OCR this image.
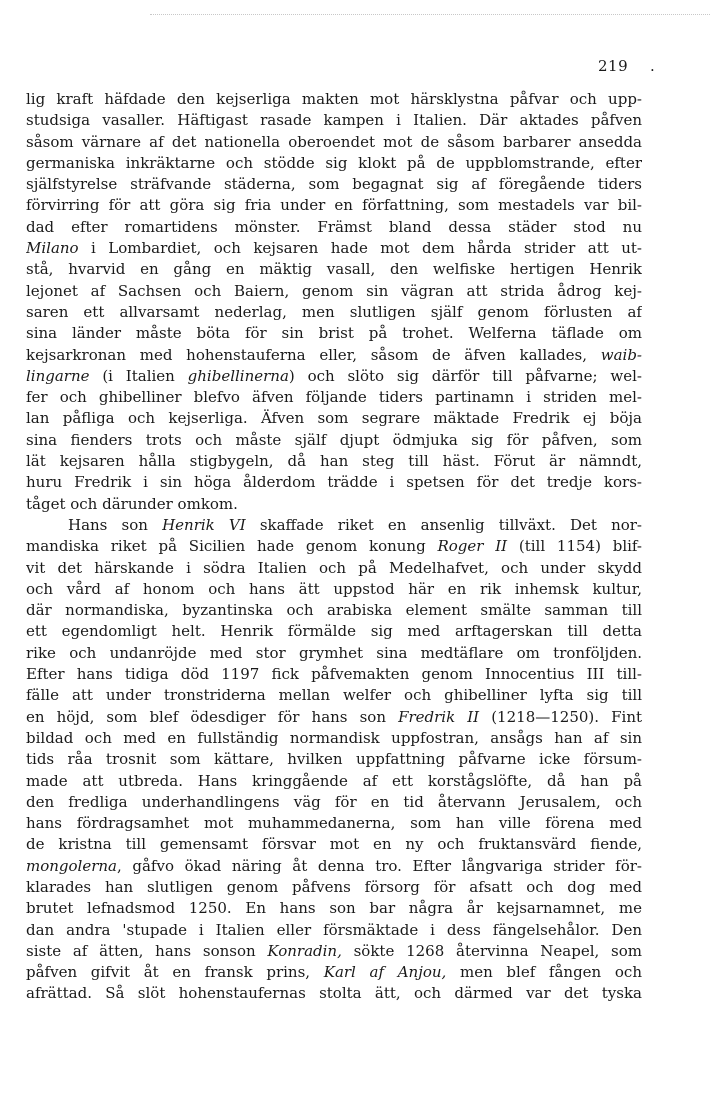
219 .
lig kraft häfdade den kejserliga makten mot härsklystna påfvar och upp-
studsiga vasaller. Häftigast rasade kampen i Italien. Där aktades påfven
såsom värnare af det nationella oberoendet mot de såsom barbarer ansedda
germaniska inkräktarne och stödde sig klokt på de uppblomstrande, efter
själfstyrelse sträfvande städerna, som begagnat sig af föregående tiders
förvirring för att göra sig fria under en författning, som mestadels var bil-
dad efter romartidens mönster. Främst bland dessa städer stod nu
Milano i Lombardiet, och kejsaren hade mot dem hårda strider att ut-
stå, hvarvid en gång en mäktig vasall, den welfiske hertigen Henrik
lejonet af Sachsen och Baiern, genom sin vägran att strida ådrog kej-
saren ett allvarsamt nederlag, men slutligen själf genom förlusten af
sina länder måste böta för sin brist på trohet. Welferna täflade om
kejsarkronan med hohenstauferna eller, såsom de äfven kallades, waib-
lingarne (i Italien ghibellinerna) och slöto sig därför till påfvarne; wel-
fer och ghibelliner blefvo äfven följande tiders partinamn i striden mel-
lan påfliga och kejserliga. Äfven som segrare mäktade Fredrik ej böja
sina fienders trots och måste själf djupt ödmjuka sig för påfven, som
lät kejsaren hålla stigbygeln, då han steg till häst. Förut är nämndt,
huru Fredrik i sin höga ålderdom trädde i spetsen för det tredje kors-
tåget och därunder omkom.
Hans son Henrik VI skaffade riket en ansenlig tillväxt. Det nor-
mandiska riket på Sicilien hade genom konung Roger II (till 1154) blif-
vit det härskande i södra Italien och på Medelhafvet, och under skydd
och vård af honom och hans ätt uppstod här en rik inhemsk kultur,
där normandiska, byzantinska och arabiska element smälte samman till
ett egendomligt helt. Henrik förmälde sig med arftagerskan till detta
rike och undanröjde med stor grymhet sina medtäflare om tronföljden.
Efter hans tidiga död 1197 fick påfvemakten genom Innocentius III till-
fälle att under tronstriderna mellan welfer och ghibelliner lyfta sig till
en höjd, som blef ödesdiger för hans son Fredrik II (1218—1250). Fint
bildad och med en fullständig normandisk uppfostran, ansågs han af sin
tids råa trosnit som kättare, hvilken uppfattning påfvarne icke försum-
made att utbreda. Hans kringgående af ett korstågslöfte, då han på
den fredliga underhandlingens väg för en tid återvann Jerusalem, och
hans fördragsamhet mot muhammedanerna, som han ville förena med
de kristna till gemensamt försvar mot en ny och fruktansvärd fiende,
mongolerna, gåfvo ökad näring åt denna tro. Efter långvariga strider för-
klarades han slutligen genom påfvens försorg för afsatt och dog med
brutet lefnadsmod 1250. En hans son bar några år kejsarnamnet, me
dan andra 'stupade i Italien eller försmäktade i dess fängelsehålor. Den
siste af ätten, hans sonson Konradin, sökte 1268 återvinna Neapel, som
påfven gifvit åt en fransk prins, Karl af Anjou, men blef fången och
afrättad. Så slöt hohenstaufernas stolta ätt, och därmed var det tyska
